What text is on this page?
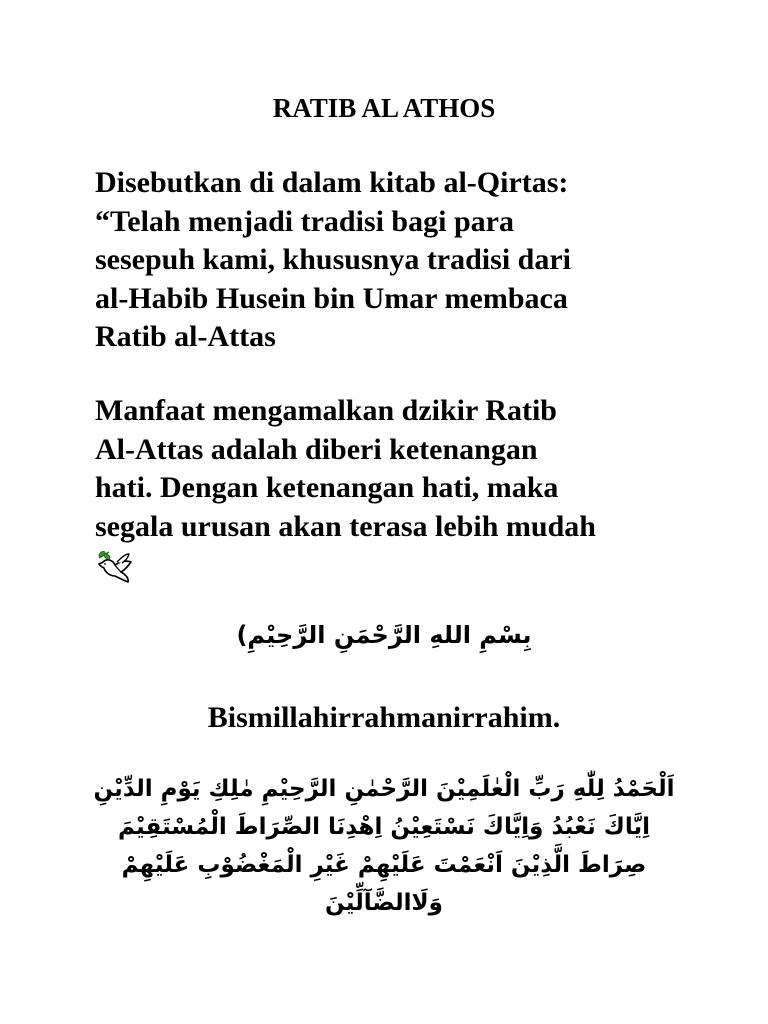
RATIB AL ATHOS
Disebutkan di dalam kitab al-Qirtas:
“Telah menjadi tradisi bagi para
sesepuh kami, khususnya tradisi dari
al-Habib Husein bin Umar membaca
Ratib al-Attas
Manfaat mengamalkan dzikir Ratib
Al-Attas adalah diberi ketenangan
hati. Dengan ketenangan hati, maka
segala urusan akan terasa lebih mudah
بِسْمِ اللهِ الرَّحْمَنِ الرَّحِيْمِ)
Bismillahirrahmanirrahim.
اَلْحَمْدُ لِلّٰهِ رَبِّ الْعٰلَمِيْنَ الرَّحْمٰنِ الرَّحِيْمِ مٰلِكِ يَوْمِ الدِّيْنِ
اِيَّاكَ نَعْبُدُ وَاِيَّاكَ نَسْتَعِيْنُ اِهْدِنَا الصِّرَاطَ الْمُسْتَقِيْمَ
صِرَاطَ الَّذِيْنَ اَنْعَمْتَ عَلَيْهِمْ غَيْرِ الْمَغْضُوْبِ عَلَيْهِمْ
وَلَاالضَّآلِّيْنَ
